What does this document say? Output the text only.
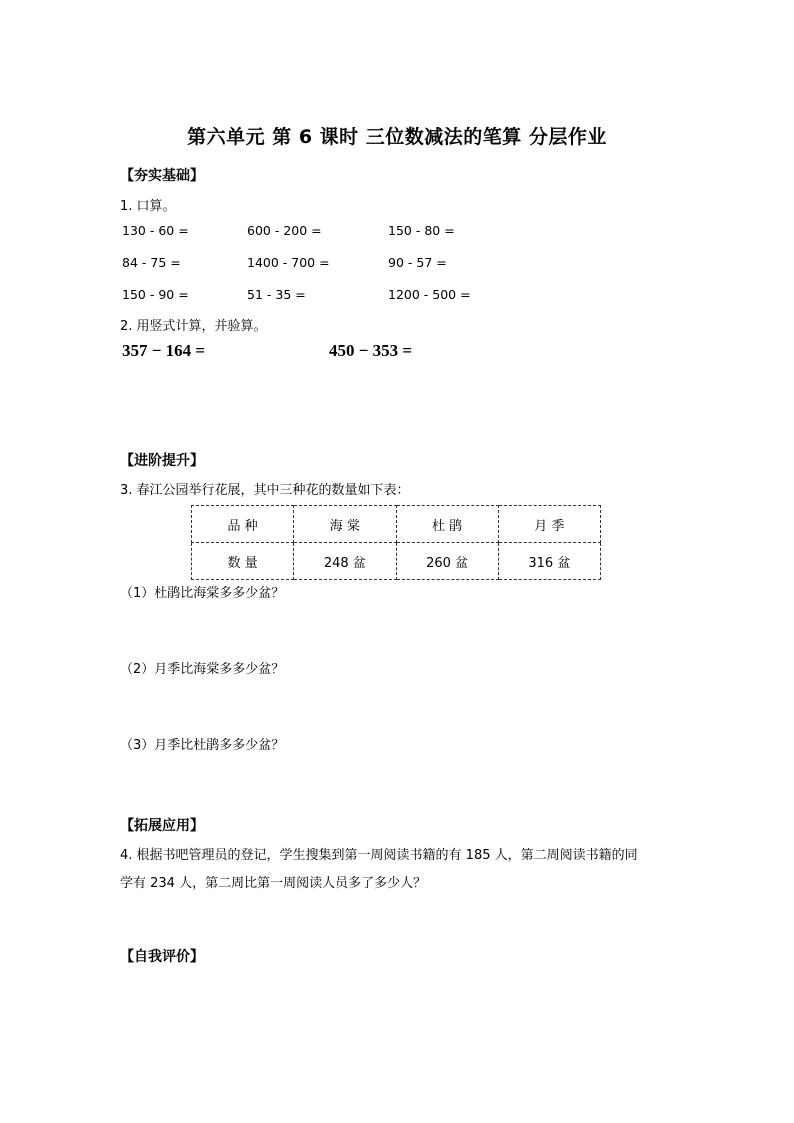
第六单元 第 6 课时 三位数减法的笔算 分层作业
【夯实基础】
1. 口算。
130 - 60 =	600 - 200 =	150 - 80 =
84 - 75 =	1400 - 700 =	90 - 57 =
150 - 90 =	51 - 35 =	1200 - 500 =
2. 用竖式计算，并验算。
357 − 164 =	450 − 353 =
【进阶提升】
3. 春江公园举行花展，其中三种花的数量如下表：
品 种	海 棠	杜 鹃	月 季
数 量	248 盆	260 盆	316 盆
（1）杜鹃比海棠多多少盆？
（2）月季比海棠多多少盆？
（3）月季比杜鹃多多少盆？
【拓展应用】
4. 根据书吧管理员的登记，学生搜集到第一周阅读书籍的有 185 人，第二周阅读书籍的同
学有 234 人，第二周比第一周阅读人员多了多少人？
【自我评价】
